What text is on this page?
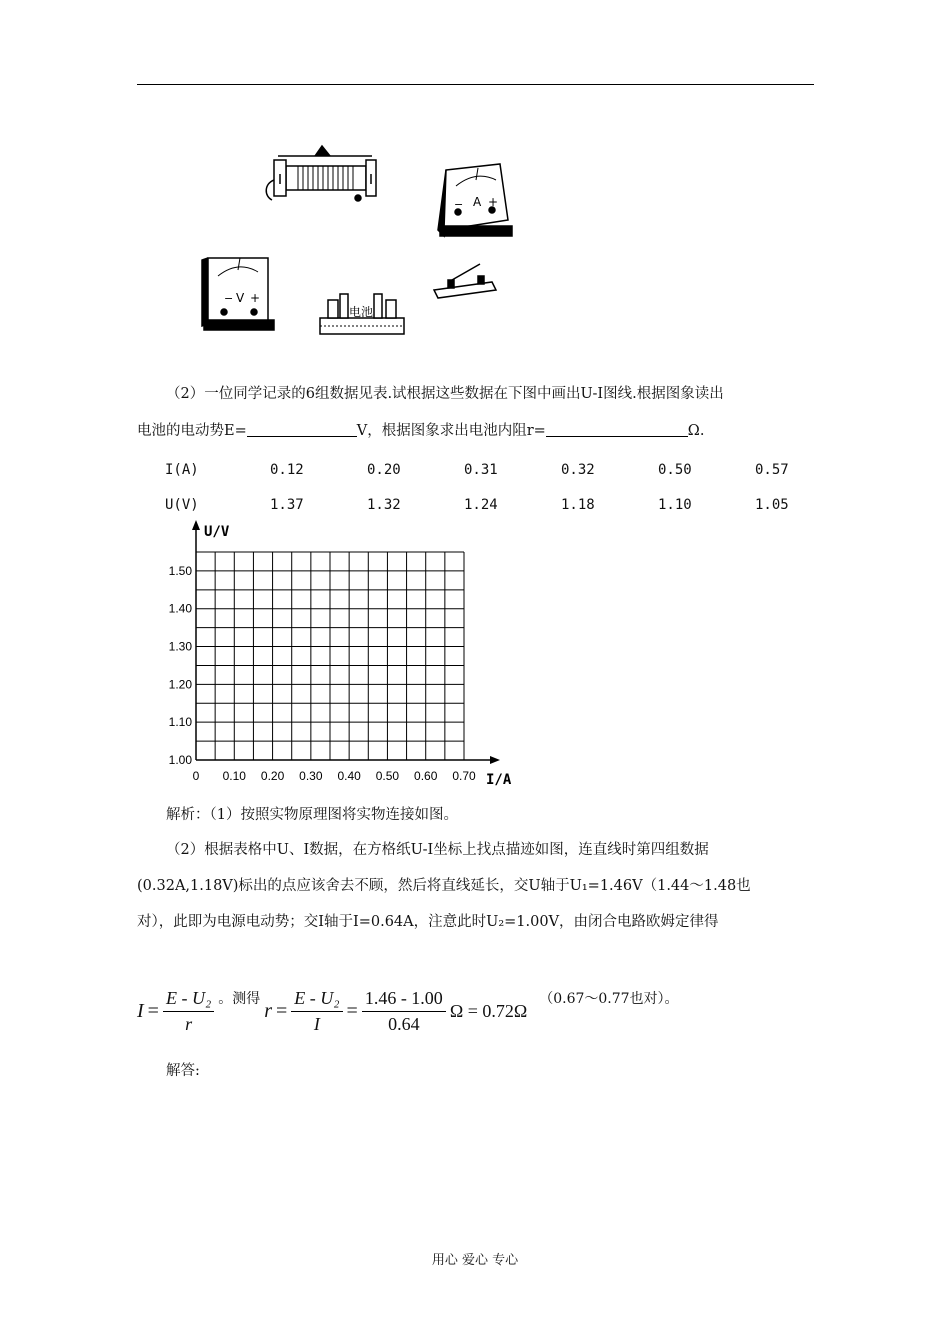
− A +
− V +
电池
（2）一位同学记录的6组数据见表.试根据这些数据在下图中画出U-I图线.根据图象读出
电池的电动势E=	V，根据图象求出电池内阻r=	Ω.
I(A)	0.12	0.20	0.31	0.32	0.50	0.57
U(V)	1.37	1.32	1.24	1.18	1.10	1.05
0 0.10 0.20 0.30 0.40 0.50 0.60 0.70
1.00
1.10
1.20
1.30
1.40
1.50
U/V
I/A
解析：（1）按照实物原理图将实物连接如图。
（2）根据表格中U、I数据，在方格纸U-I坐标上找点描迹如图，连直线时第四组数据
(0.32A,1.18V)标出的点应该舍去不顾，然后将直线延长，交U轴于U₁=1.46V（1.44～1.48也
对），此即为电源电动势；交I轴于I=0.64A，注意此时U₂=1.00V，由闭合电路欧姆定律得
$I = \frac{\text{E - U₂}}{r}$ 。测得 $r = \frac{\text{E - U₂}}{I} = \frac{1.46 - 1.00}{0.64}$ Ω = 0.72Ω （0.67～0.77也对）。
解答:
用心 爱心 专心
